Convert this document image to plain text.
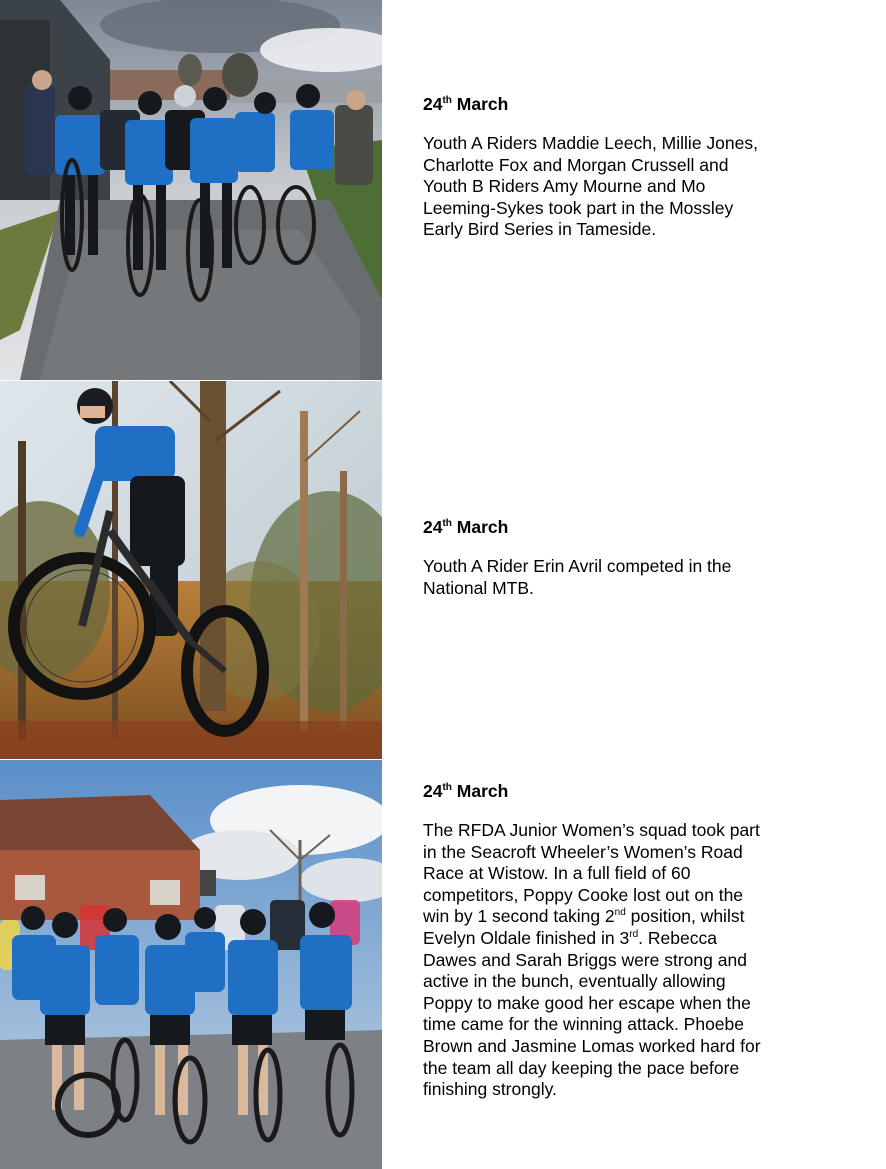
24th March

Youth A Riders Maddie Leech, Millie Jones, Charlotte Fox and Morgan Crussell and Youth B Riders Amy Mourne and Mo Leeming-Sykes took part in the Mossley Early Bird Series in Tameside.

24th March

Youth A Rider Erin Avril competed in the National MTB.

24th March

The RFDA Junior Women’s squad took part in the Seacroft Wheeler’s Women’s Road Race at Wistow. In a full field of 60 competitors, Poppy Cooke lost out on the win by 1 second taking 2nd position, whilst Evelyn Oldale finished in 3rd. Rebecca Dawes and Sarah Briggs were strong and active in the bunch, eventually allowing Poppy to make good her escape when the time came for the winning attack. Phoebe Brown and Jasmine Lomas worked hard for the team all day keeping the pace before finishing strongly.
